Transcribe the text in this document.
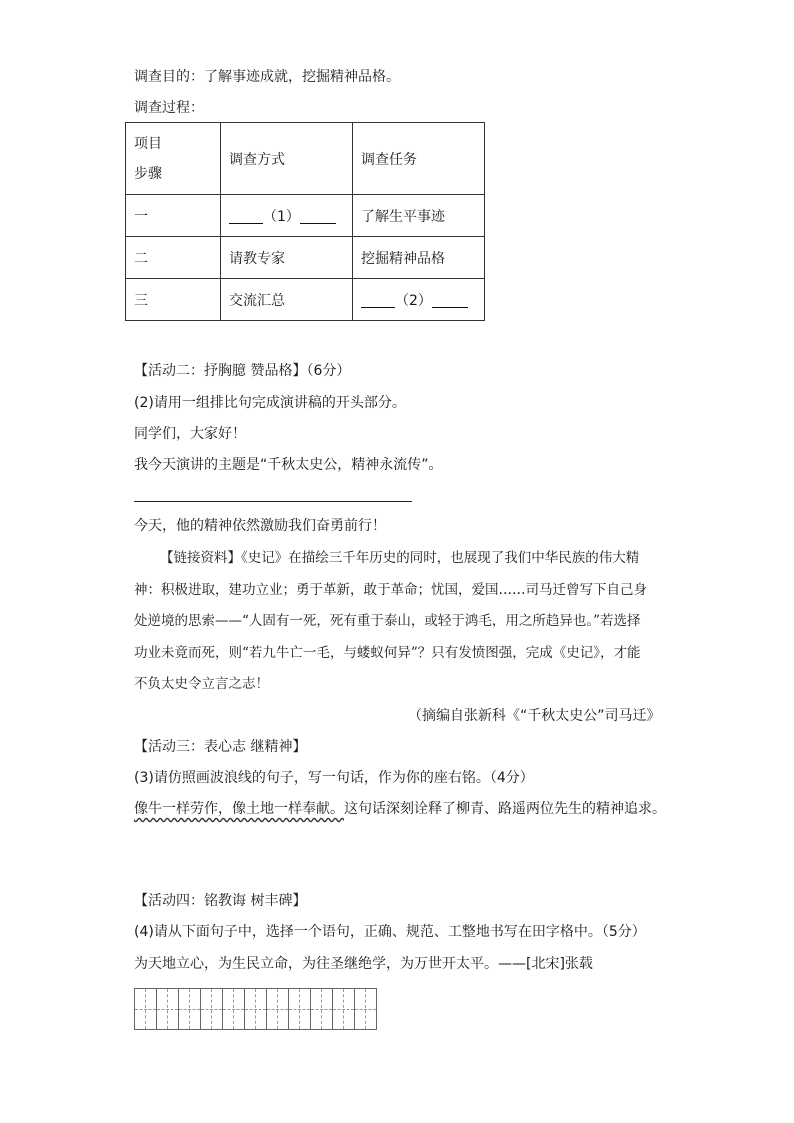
调查目的：了解事迹成就，挖掘精神品格。
调查过程：
项目
步骤	调查方式	调查任务
一	（1）	了解生平事迹
二	请教专家	挖掘精神品格
三	交流汇总	（2）
【活动二：抒胸臆 赞品格】（6分）
(2)请用一组排比句完成演讲稿的开头部分。
同学们，大家好！
我今天演讲的主题是“千秋太史公，精神永流传”。
今天，他的精神依然激励我们奋勇前行！
【链接资料】《史记》在描绘三千年历史的同时，也展现了我们中华民族的伟大精
神：积极进取，建功立业；勇于革新，敢于革命；忧国，爱国……司马迁曾写下自己身
处逆境的思索——“人固有一死，死有重于泰山，或轻于鸿毛，用之所趋异也。”若选择
功业未竟而死，则“若九牛亡一毛，与蝼蚁何异”？只有发愤图强，完成《史记》，才能
不负太史令立言之志！
（摘编自张新科《“千秋太史公”司马迁》
【活动三：表心志 继精神】
(3)请仿照画波浪线的句子，写一句话，作为你的座右铭。（4分）
像牛一样劳作，像土地一样奉献。这句话深刻诠释了柳青、路遥两位先生的精神追求。
【活动四：铭教诲 树丰碑】
(4)请从下面句子中，选择一个语句，正确、规范、工整地书写在田字格中。（5分）
为天地立心，为生民立命，为往圣继绝学，为万世开太平。——[北宋]张载
